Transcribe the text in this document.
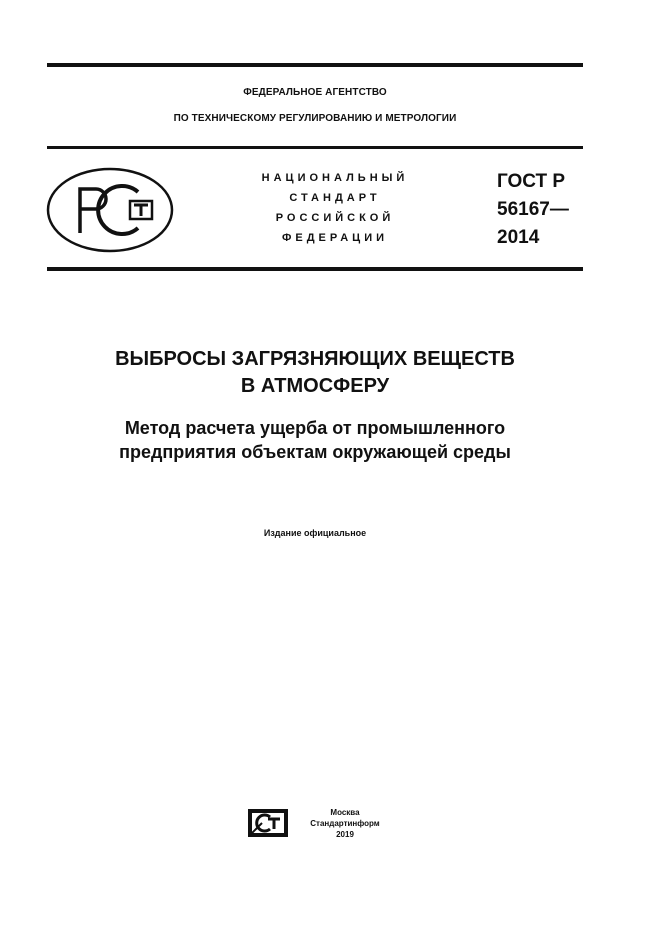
ФЕДЕРАЛЬНОЕ АГЕНТСТВО
ПО ТЕХНИЧЕСКОМУ РЕГУЛИРОВАНИЮ И МЕТРОЛОГИИ
НАЦИОНАЛЬНЫЙ
СТАНДАРТ
РОССИЙСКОЙ
ФЕДЕРАЦИИ
ГОСТ Р
56167—
2014
ВЫБРОСЫ ЗАГРЯЗНЯЮЩИХ ВЕЩЕСТВ
В АТМОСФЕРУ
Метод расчета ущерба от промышленного
предприятия объектам окружающей среды
Издание официальное
Москва
Стандартинформ
2019
